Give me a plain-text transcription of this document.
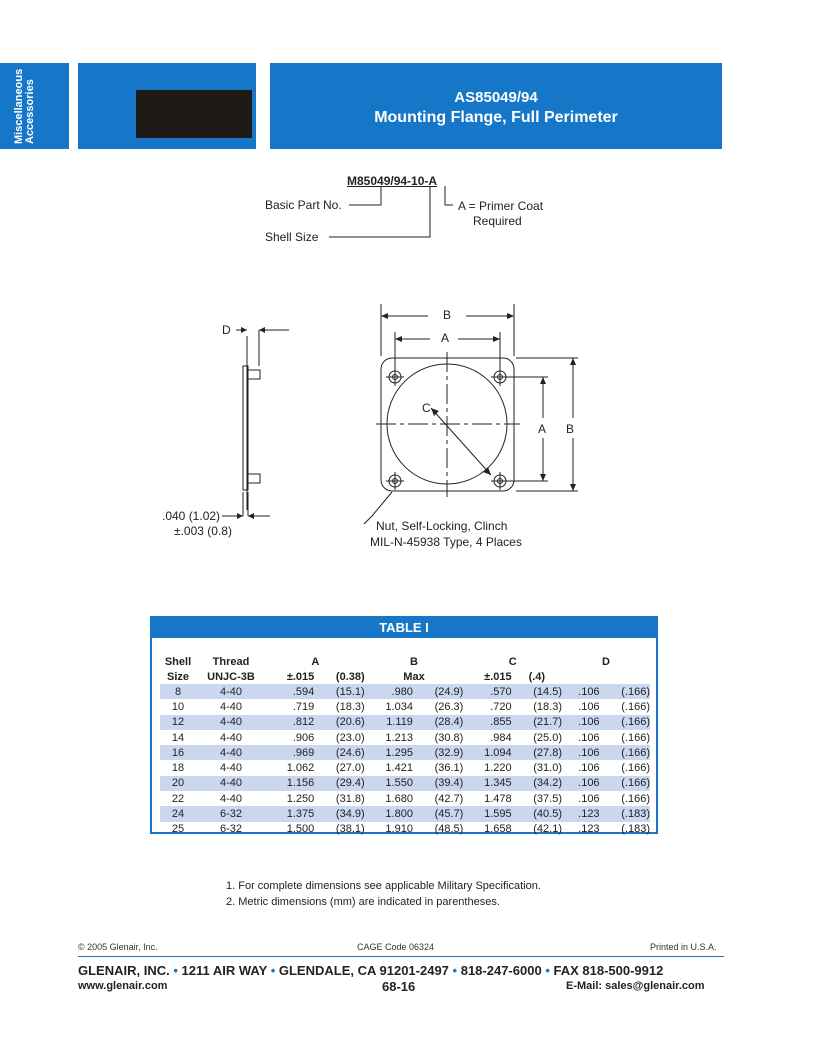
Miscellaneous Accessories	AS85049/94
Mounting Flange, Full Perimeter
M85049/94-10-A
Basic Part No.
Shell Size
A = Primer Coat
Required
D
.040 (1.02)
±.003 (0.8)
B
A
C
A B
Nut, Self-Locking, Clinch
MIL-N-45938 Type, 4 Places
TABLE I
Shell	Thread	A		B		C		D	
Size	UNJC-3B	±.015	(0.38)	Max		±.015	(.4)		
8	4-40	.594	(15.1)	.980	(24.9)	.570	(14.5)	.106	(.166)
10	4-40	.719	(18.3)	1.034	(26.3)	.720	(18.3)	.106	(.166)
12	4-40	.812	(20.6)	1.119	(28.4)	.855	(21.7)	.106	(.166)
14	4-40	.906	(23.0)	1.213	(30.8)	.984	(25.0)	.106	(.166)
16	4-40	.969	(24.6)	1.295	(32.9)	1.094	(27.8)	.106	(.166)
18	4-40	1.062	(27.0)	1.421	(36.1)	1.220	(31.0)	.106	(.166)
20	4-40	1.156	(29.4)	1.550	(39.4)	1.345	(34.2)	.106	(.166)
22	4-40	1.250	(31.8)	1.680	(42.7)	1.478	(37.5)	.106	(.166)
24	6-32	1.375	(34.9)	1.800	(45.7)	1.595	(40.5)	.123	(.183)
25	6-32	1.500	(38.1)	1.910	(48.5)	1.658	(42.1)	.123	(.183)
1. For complete dimensions see applicable Military Specification.
2. Metric dimensions (mm) are indicated in parentheses.
© 2005 Glenair, Inc.	CAGE Code 06324	Printed in U.S.A.
GLENAIR, INC. • 1211 AIR WAY • GLENDALE, CA 91201-2497 • 818-247-6000 • FAX 818-500-9912
www.glenair.com	68-16	E-Mail: sales@glenair.com
